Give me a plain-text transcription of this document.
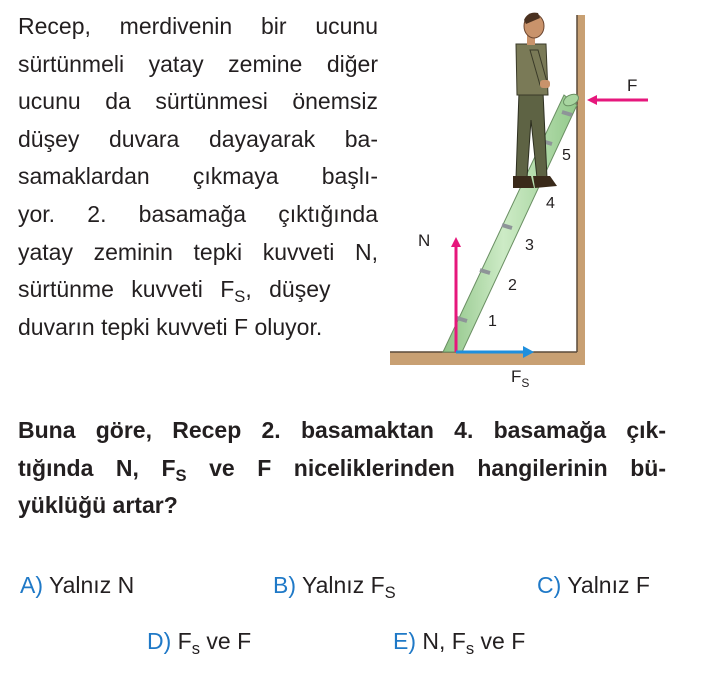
Recep, merdivenin bir ucunu
sürtünmeli yatay zemine diğer
ucunu da sürtünmesi önemsiz
düşey duvara dayayarak ba-
samaklardan çıkmaya başlı-
yor. 2. basamağa çıktığında
yatay zeminin tepki kuvveti N,
sürtünme kuvveti $F_S$, düşey
duvarın tepki kuvveti F oluyor.
F
N
$F_S$
1
2
3
4
5
Buna göre, Recep 2. basamaktan 4. basamağa çık-
tığında N, $F_S$ ve F niceliklerinden hangilerinin bü-
yüklüğü artar?
A) Yalnız N	B) Yalnız $F_S$	C) Yalnız F
D) $F_s$ ve F	E) N, $F_s$ ve F
